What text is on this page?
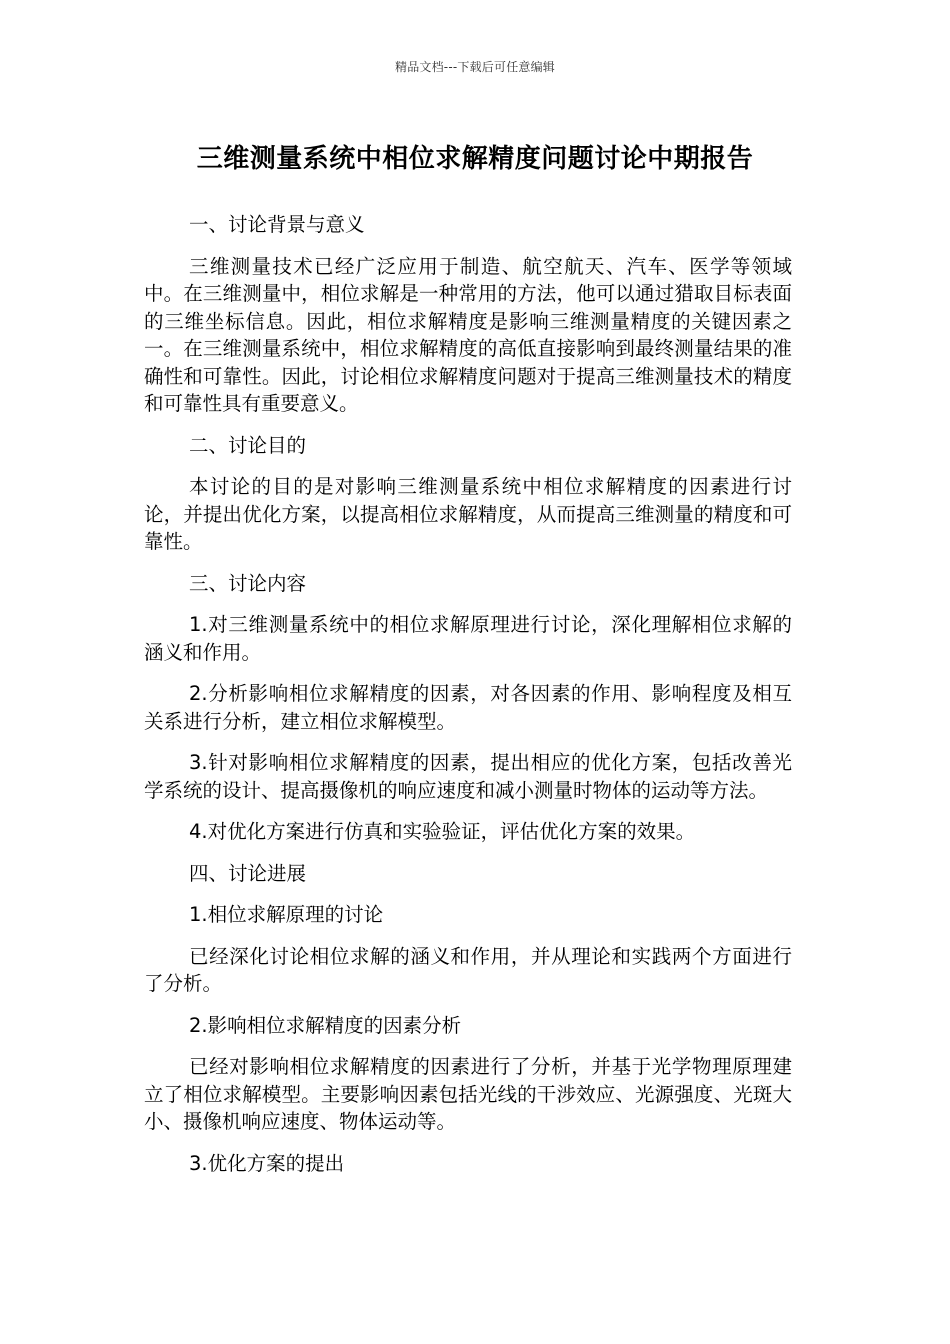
精品文档---下载后可任意编辑
三维测量系统中相位求解精度问题讨论中期报告

一、讨论背景与意义

三维测量技术已经广泛应用于制造、航空航天、汽车、医学等领域中。在三维测量中，相位求解是一种常用的方法，他可以通过猎取目标表面的三维坐标信息。因此，相位求解精度是影响三维测量精度的关键因素之一。在三维测量系统中，相位求解精度的高低直接影响到最终测量结果的准确性和可靠性。因此，讨论相位求解精度问题对于提高三维测量技术的精度和可靠性具有重要意义。

二、讨论目的

本讨论的目的是对影响三维测量系统中相位求解精度的因素进行讨论，并提出优化方案，以提高相位求解精度，从而提高三维测量的精度和可靠性。

三、讨论内容

1.对三维测量系统中的相位求解原理进行讨论，深化理解相位求解的涵义和作用。

2.分析影响相位求解精度的因素，对各因素的作用、影响程度及相互关系进行分析，建立相位求解模型。

3.针对影响相位求解精度的因素，提出相应的优化方案，包括改善光学系统的设计、提高摄像机的响应速度和减小测量时物体的运动等方法。

4.对优化方案进行仿真和实验验证，评估优化方案的效果。

四、讨论进展

1.相位求解原理的讨论

已经深化讨论相位求解的涵义和作用，并从理论和实践两个方面进行了分析。

2.影响相位求解精度的因素分析

已经对影响相位求解精度的因素进行了分析，并基于光学物理原理建立了相位求解模型。主要影响因素包括光线的干涉效应、光源强度、光斑大小、摄像机响应速度、物体运动等。

3.优化方案的提出
